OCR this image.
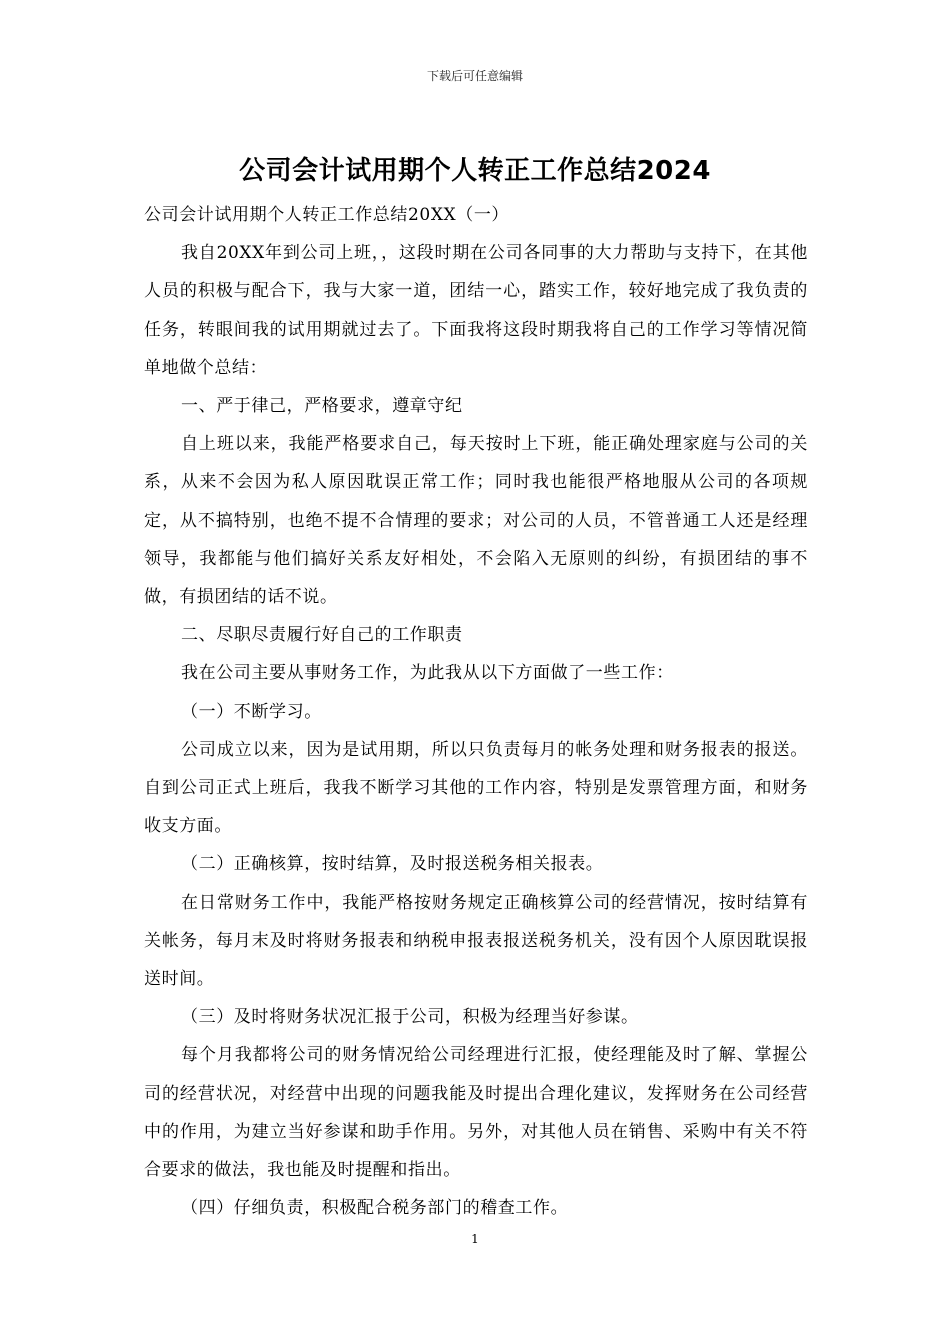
下载后可任意编辑
公司会计试用期个人转正工作总结2024

公司会计试用期个人转正工作总结20XX（一）

我自20XX年到公司上班，，这段时期在公司各同事的大力帮助与支持下，在其他人员的积极与配合下，我与大家一道，团结一心，踏实工作，较好地完成了我负责的任务，转眼间我的试用期就过去了。下面我将这段时期我将自己的工作学习等情况简单地做个总结：

一、严于律己，严格要求，遵章守纪

自上班以来，我能严格要求自己，每天按时上下班，能正确处理家庭与公司的关系，从来不会因为私人原因耽误正常工作；同时我也能很严格地服从公司的各项规定，从不搞特别，也绝不提不合情理的要求；对公司的人员，不管普通工人还是经理领导，我都能与他们搞好关系友好相处，不会陷入无原则的纠纷，有损团结的事不做，有损团结的话不说。

二、尽职尽责履行好自己的工作职责

我在公司主要从事财务工作，为此我从以下方面做了一些工作：

（一）不断学习。

公司成立以来，因为是试用期，所以只负责每月的帐务处理和财务报表的报送。自到公司正式上班后，我我不断学习其他的工作内容，特别是发票管理方面，和财务收支方面。

（二）正确核算，按时结算，及时报送税务相关报表。

在日常财务工作中，我能严格按财务规定正确核算公司的经营情况，按时结算有关帐务，每月末及时将财务报表和纳税申报表报送税务机关，没有因个人原因耽误报送时间。

（三）及时将财务状况汇报于公司，积极为经理当好参谋。

每个月我都将公司的财务情况给公司经理进行汇报，使经理能及时了解、掌握公司的经营状况，对经营中出现的问题我能及时提出合理化建议，发挥财务在公司经营中的作用，为建立当好参谋和助手作用。另外，对其他人员在销售、采购中有关不符合要求的做法，我也能及时提醒和指出。

（四）仔细负责，积极配合税务部门的稽查工作。

1
